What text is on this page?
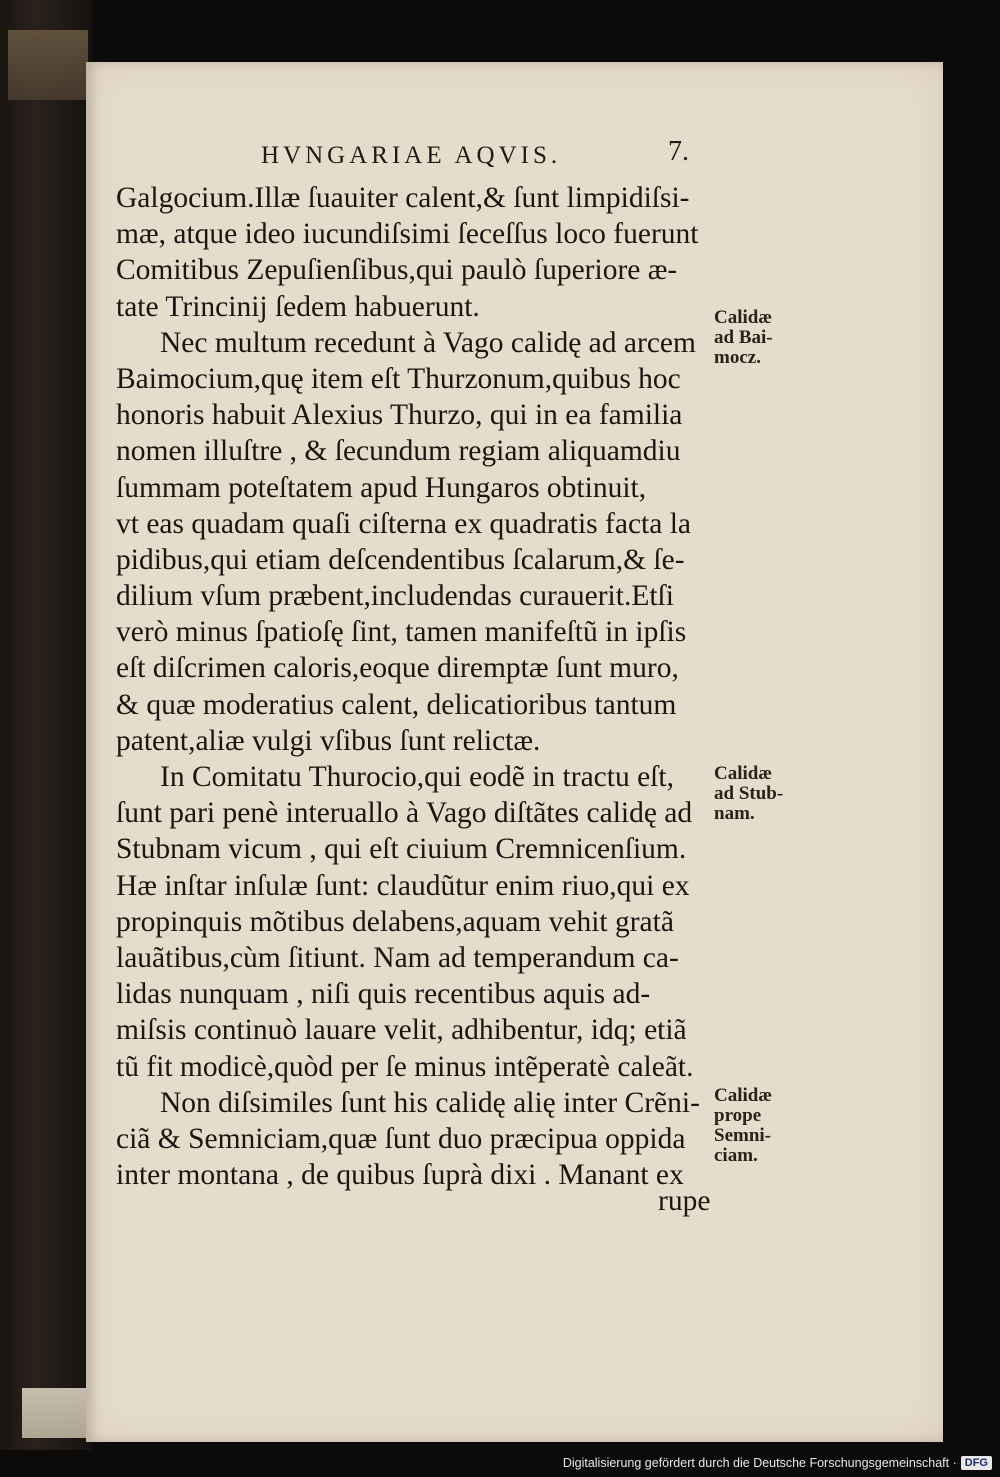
HVNGARIAE AQVIS.	7.
Galgocium.Illæ ſuauiter calent,& ſunt limpidiſsi-
mæ, atque ideo iucundiſsimi ſeceſſus loco fuerunt
Comitibus Zepuſienſibus,qui paulò ſuperiore æ-
tate Trincinij ſedem habuerunt.
Nec multum recedunt à Vago calidę ad arcem
Baimocium,quę item eſt Thurzonum,quibus hoc
honoris habuit Alexius Thurzo, qui in ea familia
nomen illuſtre , & ſecundum regiam aliquamdiu
ſummam poteſtatem apud Hungaros obtinuit,
vt eas quadam quaſi ciſterna ex quadratis facta la
pidibus,qui etiam deſcendentibus ſcalarum,& ſe-
dilium vſum præbent,includendas curauerit.Etſi
verò minus ſpatioſę ſint, tamen manifeſtũ in ipſis
eſt diſcrimen caloris,eoque diremptæ ſunt muro,
& quæ moderatius calent, delicatioribus tantum
patent,aliæ vulgi vſibus ſunt relictæ.
In Comitatu Thurocio,qui eodẽ in tractu eſt,
ſunt pari penè interuallo à Vago diſtãtes calidę ad
Stubnam vicum , qui eſt ciuium Cremnicenſium.
Hæ inſtar inſulæ ſunt: claudũtur enim riuo,qui ex
propinquis mõtibus delabens,aquam vehit gratã
lauãtibus,cùm ſitiunt. Nam ad temperandum ca-
lidas nunquam , niſi quis recentibus aquis ad-
miſsis continuò lauare velit, adhibentur, idq; etiã
tũ fit modicè,quòd per ſe minus intẽperatè caleãt.
Non diſsimiles ſunt his calidę alię inter Crẽni-
ciã & Semniciam,quæ ſunt duo præcipua oppida
inter montana , de quibus ſuprà dixi . Manant ex
rupe
Calidæ
ad Bai-
mocz.
Calidæ
ad Stub-
nam.
Calidæ
prope
Semni-
ciam.
Digitalisierung gefördert durch die Deutsche Forschungsgemeinschaft · DFG
